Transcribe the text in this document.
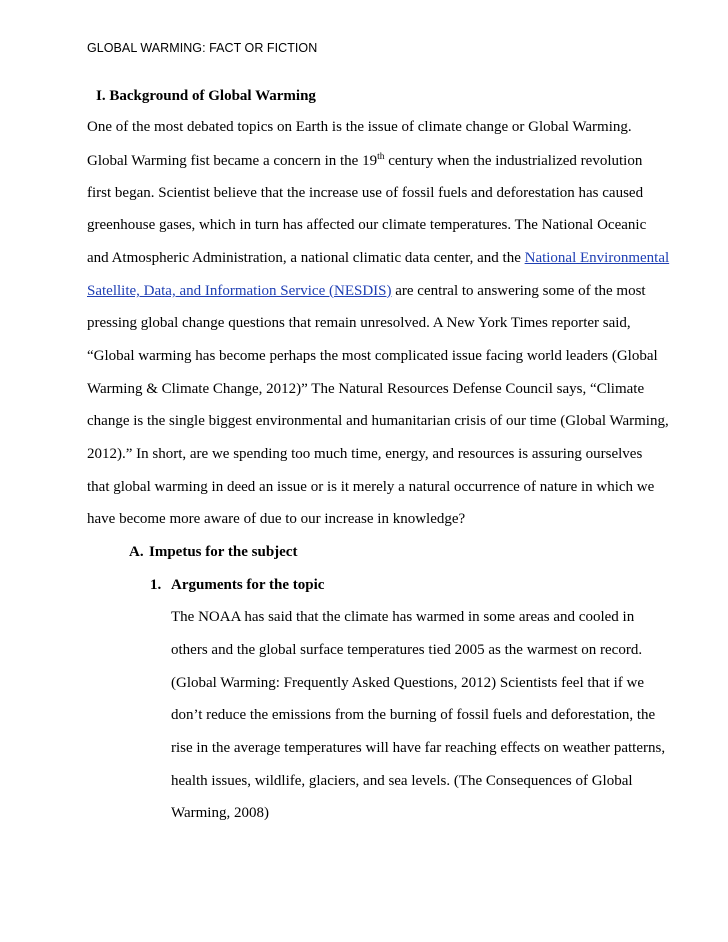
GLOBAL WARMING: FACT OR FICTION
I. Background of Global Warming
One of the most debated topics on Earth is the issue of climate change or Global Warming.
Global Warming fist became a concern in the 19th century when the industrialized revolution
first began. Scientist believe that the increase use of fossil fuels and deforestation has caused
greenhouse gases, which in turn has affected our climate temperatures. The National Oceanic
and Atmospheric Administration, a national climatic data center, and the National Environmental
Satellite, Data, and Information Service (NESDIS) are central to answering some of the most
pressing global change questions that remain unresolved. A New York Times reporter said,
“Global warming has become perhaps the most complicated issue facing world leaders (Global
Warming & Climate Change, 2012)” The Natural Resources Defense Council says, “Climate
change is the single biggest environmental and humanitarian crisis of our time (Global Warming,
2012).” In short, are we spending too much time, energy, and resources is assuring ourselves
that global warming in deed an issue or is it merely a natural occurrence of nature in which we
have become more aware of due to our increase in knowledge?
A. Impetus for the subject
1. Arguments for the topic
The NOAA has said that the climate has warmed in some areas and cooled in
others and the global surface temperatures tied 2005 as the warmest on record.
(Global Warming: Frequently Asked Questions, 2012) Scientists feel that if we
don’t reduce the emissions from the burning of fossil fuels and deforestation, the
rise in the average temperatures will have far reaching effects on weather patterns,
health issues, wildlife, glaciers, and sea levels. (The Consequences of Global
Warming, 2008)
